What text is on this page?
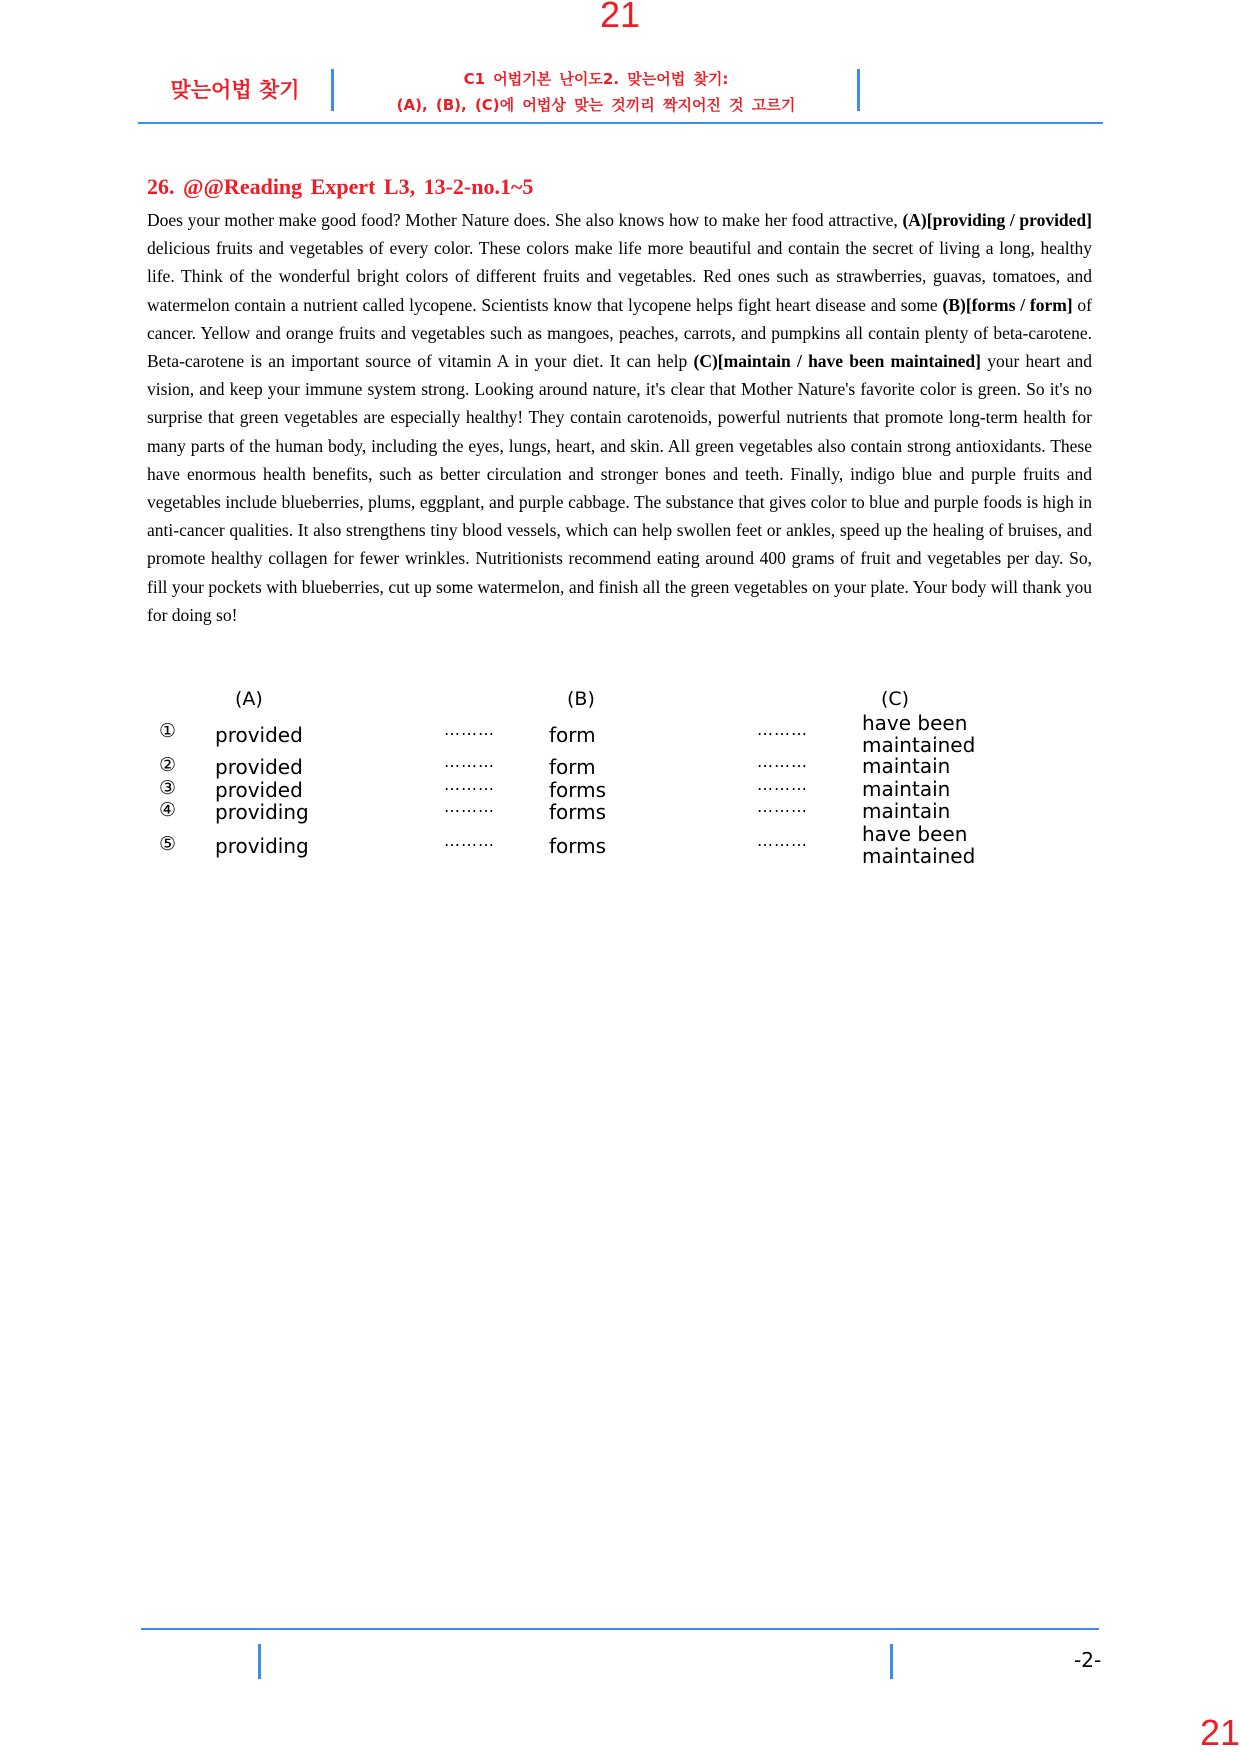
21
맞는어법 찾기	C1 어법기본 난이도2. 맞는어법 찾기:
(A), (B), (C)에 어법상 맞는 것끼리 짝지어진 것 고르기
26. @@Reading Expert L3, 13-2-no.1~5
Does your mother make good food? Mother Nature does. She also knows how to make her food attractive, (A)[providing / provided] delicious fruits and vegetables of every color. These colors make life more beautiful and contain the secret of living a long, healthy life. Think of the wonderful bright colors of different fruits and vegetables. Red ones such as strawberries, guavas, tomatoes, and watermelon contain a nutrient called lycopene. Scientists know that lycopene helps fight heart disease and some (B)[forms / form] of cancer. Yellow and orange fruits and vegetables such as mangoes, peaches, carrots, and pumpkins all contain plenty of beta-carotene. Beta-carotene is an important source of vitamin A in your diet. It can help (C)[maintain / have been maintained] your heart and vision, and keep your immune system strong. Looking around nature, it's clear that Mother Nature's favorite color is green. So it's no surprise that green vegetables are especially healthy! They contain carotenoids, powerful nutrients that promote long-term health for many parts of the human body, including the eyes, lungs, heart, and skin. All green vegetables also contain strong antioxidants. These have enormous health benefits, such as better circulation and stronger bones and teeth. Finally, indigo blue and purple fruits and vegetables include blueberries, plums, eggplant, and purple cabbage. The substance that gives color to blue and purple foods is high in anti-cancer qualities. It also strengthens tiny blood vessels, which can help swollen feet or ankles, speed up the healing of bruises, and promote healthy collagen for fewer wrinkles. Nutritionists recommend eating around 400 grams of fruit and vegetables per day. So, fill your pockets with blueberries, cut up some watermelon, and finish all the green vegetables on your plate. Your body will thank you for doing so!
(A)	(B)	(C)
① provided	………	form	………	have been
maintained
② provided	………	form	………	maintain
③ provided	………	forms	………	maintain
④ providing	………	forms	………	maintain
⑤ providing	………	forms	………	have been
maintained
-2-
21
